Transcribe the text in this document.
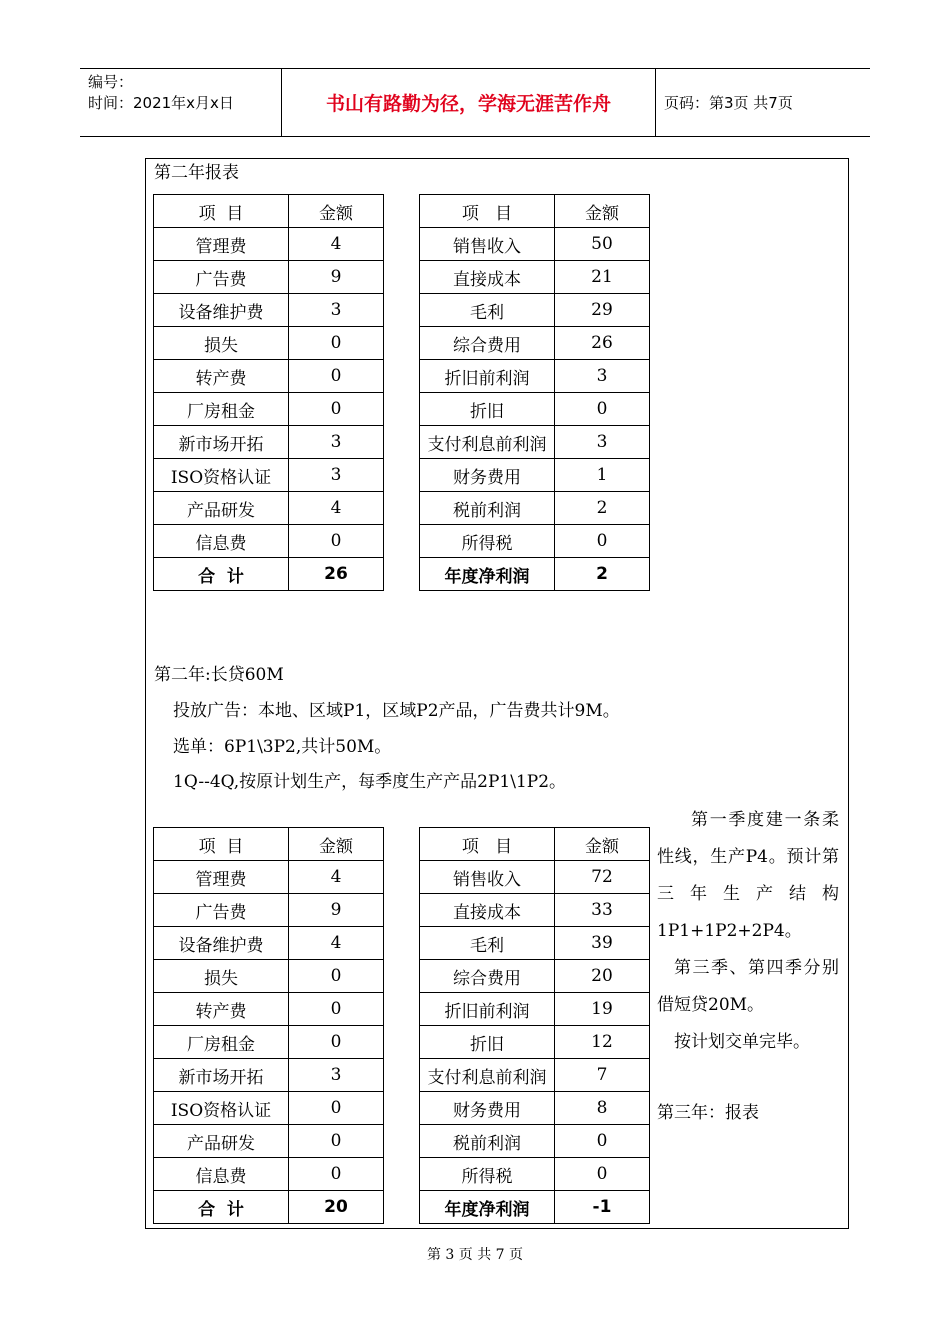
编号：
时间：2021年x月x日	书山有路勤为径，学海无涯苦作舟	页码：第3页 共7页
第二年报表
项  目	金额
管理费	4
广告费	9
设备维护费	3
损失	0
转产费	0
厂房租金	0
新市场开拓	3
ISO资格认证	3
产品研发	4
信息费	0
合  计	26
项   目	金额
销售收入	50
直接成本	21
毛利	29
综合费用	26
折旧前利润	3
折旧	0
支付利息前利润	3
财务费用	1
税前利润	2
所得税	0
年度净利润	2
第二年:长贷60M
投放广告：本地、区域P1，区域P2产品，广告费共计9M。
选单：6P1\3P2,共计50M。
1Q--4Q,按原计划生产，每季度生产产品2P1\1P2。
项  目	金额
管理费	4
广告费	9
设备维护费	4
损失	0
转产费	0
厂房租金	0
新市场开拓	3
ISO资格认证	0
产品研发	0
信息费	0
合  计	20
项   目	金额
销售收入	72
直接成本	33
毛利	39
综合费用	20
折旧前利润	19
折旧	12
支付利息前利润	7
财务费用	8
税前利润	0
所得税	0
年度净利润	-1

第一季度建一条柔性线，生产P4。预计第三年生产结构1P1+1P2+2P4。

第三季、第四季分别借短贷20M。

按计划交单完毕。

第三年：报表

第 3 页 共 7 页
